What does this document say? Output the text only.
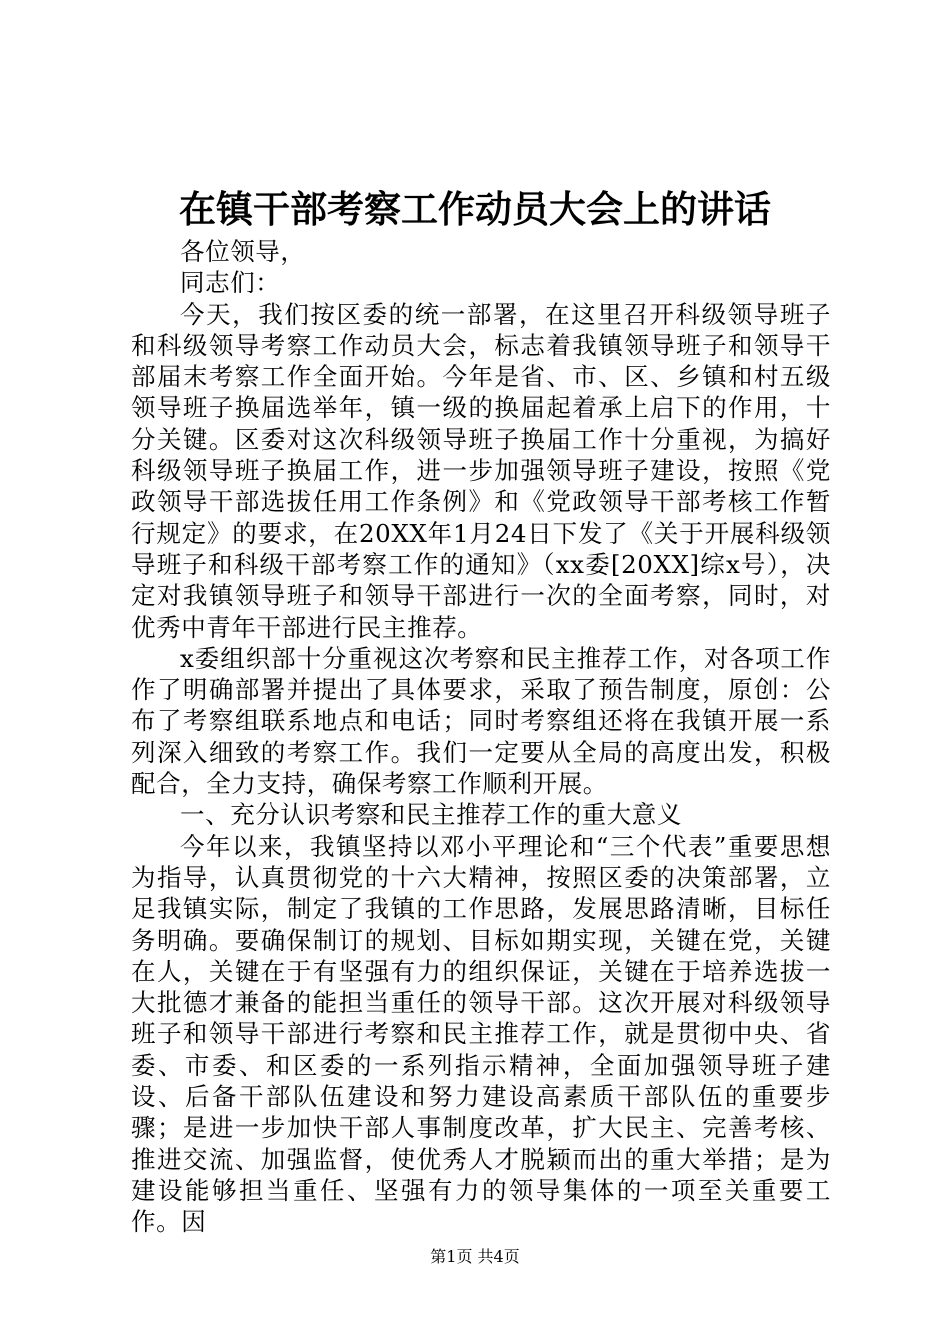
在镇干部考察工作动员大会上的讲话

各位领导，

同志们：

今天，我们按区委的统一部署，在这里召开科级领导班子和科级领导考察工作动员大会，标志着我镇领导班子和领导干部届末考察工作全面开始。今年是省、市、区、乡镇和村五级领导班子换届选举年，镇一级的换届起着承上启下的作用，十分关键。区委对这次科级领导班子换届工作十分重视，为搞好科级领导班子换届工作，进一步加强领导班子建设，按照《党政领导干部选拔任用工作条例》和《党政领导干部考核工作暂行规定》的要求，在20XX年1月24日下发了《关于开展科级领导班子和科级干部考察工作的通知》（xx委[20XX]综x号），决定对我镇领导班子和领导干部进行一次的全面考察，同时，对优秀中青年干部进行民主推荐。

x委组织部十分重视这次考察和民主推荐工作，对各项工作作了明确部署并提出了具体要求，采取了预告制度，原创：公布了考察组联系地点和电话；同时考察组还将在我镇开展一系列深入细致的考察工作。我们一定要从全局的高度出发，积极配合，全力支持，确保考察工作顺利开展。

一、充分认识考察和民主推荐工作的重大意义

今年以来，我镇坚持以邓小平理论和“三个代表”重要思想为指导，认真贯彻党的十六大精神，按照区委的决策部署，立足我镇实际，制定了我镇的工作思路，发展思路清晰，目标任务明确。要确保制订的规划、目标如期实现，关键在党，关键在人，关键在于有坚强有力的组织保证，关键在于培养选拔一大批德才兼备的能担当重任的领导干部。这次开展对科级领导班子和领导干部进行考察和民主推荐工作，就是贯彻中央、省委、市委、和区委的一系列指示精神，全面加强领导班子建设、后备干部队伍建设和努力建设高素质干部队伍的重要步骤；是进一步加快干部人事制度改革，扩大民主、完善考核、推进交流、加强监督，使优秀人才脱颖而出的重大举措；是为建设能够担当重任、坚强有力的领导集体的一项至关重要工作。因

第1页 共4页
